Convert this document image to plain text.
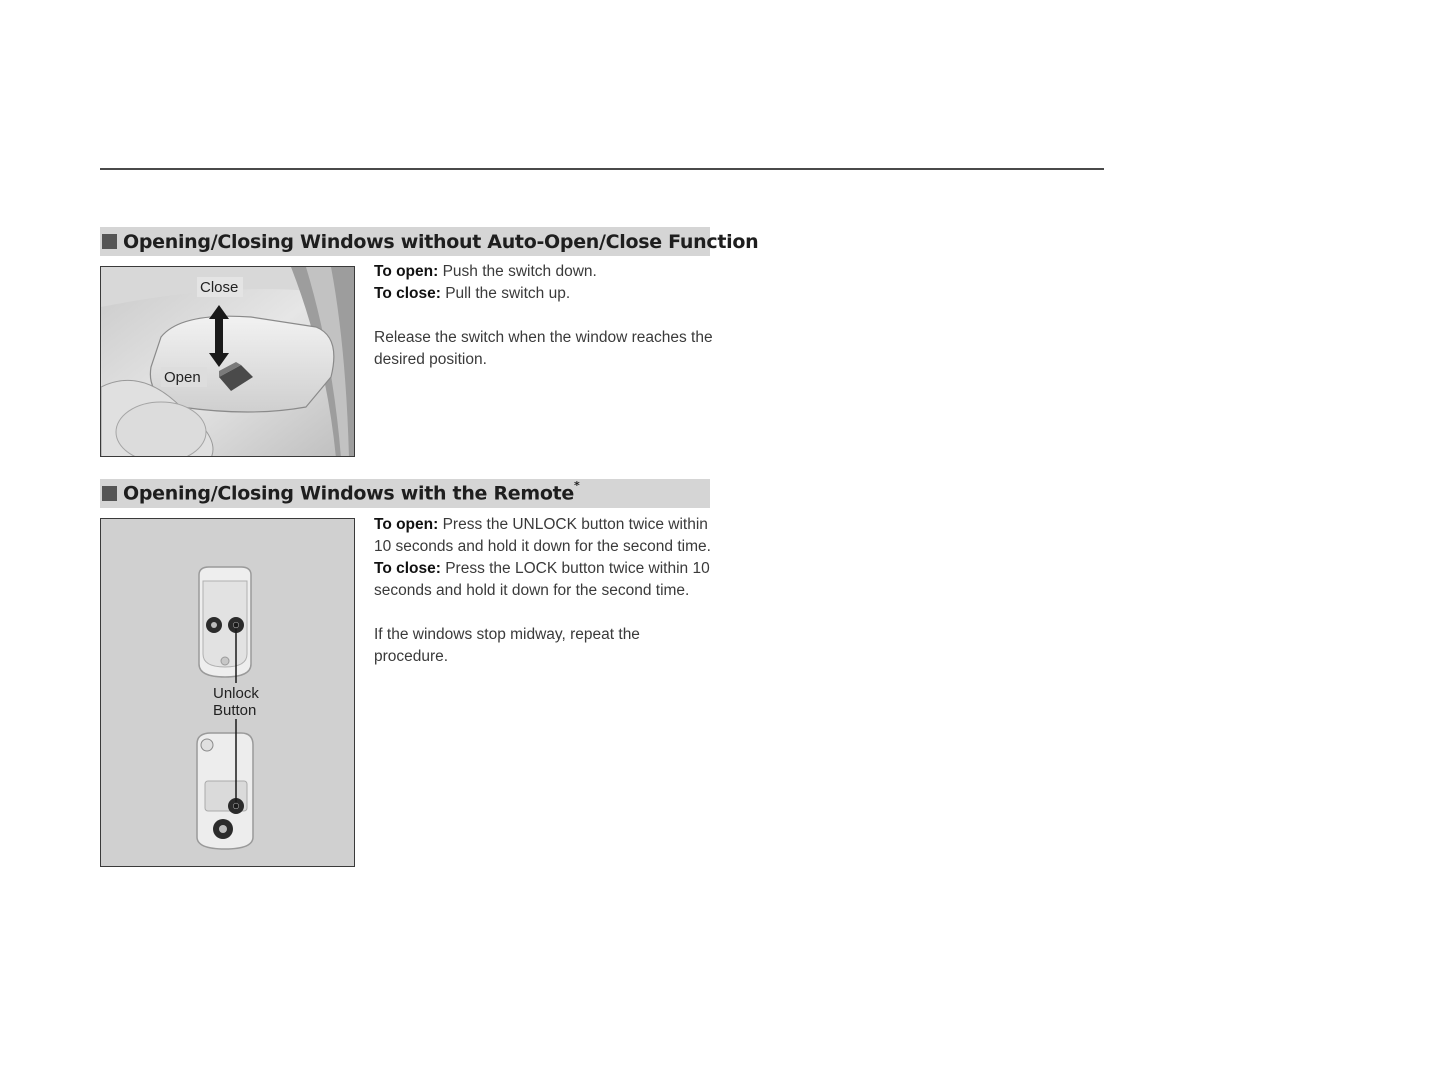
Opening/Closing Windows without Auto-Open/Close Function
Close
Open

To open: Push the switch down.

To close: Pull the switch up.

Release the switch when the window reaches the desired position.

Opening/Closing Windows with the Remote*
Unlock
Button

To open: Press the UNLOCK button twice within 10 seconds and hold it down for the second time.

To close: Press the LOCK button twice within 10 seconds and hold it down for the second time.

If the windows stop midway, repeat the procedure.
